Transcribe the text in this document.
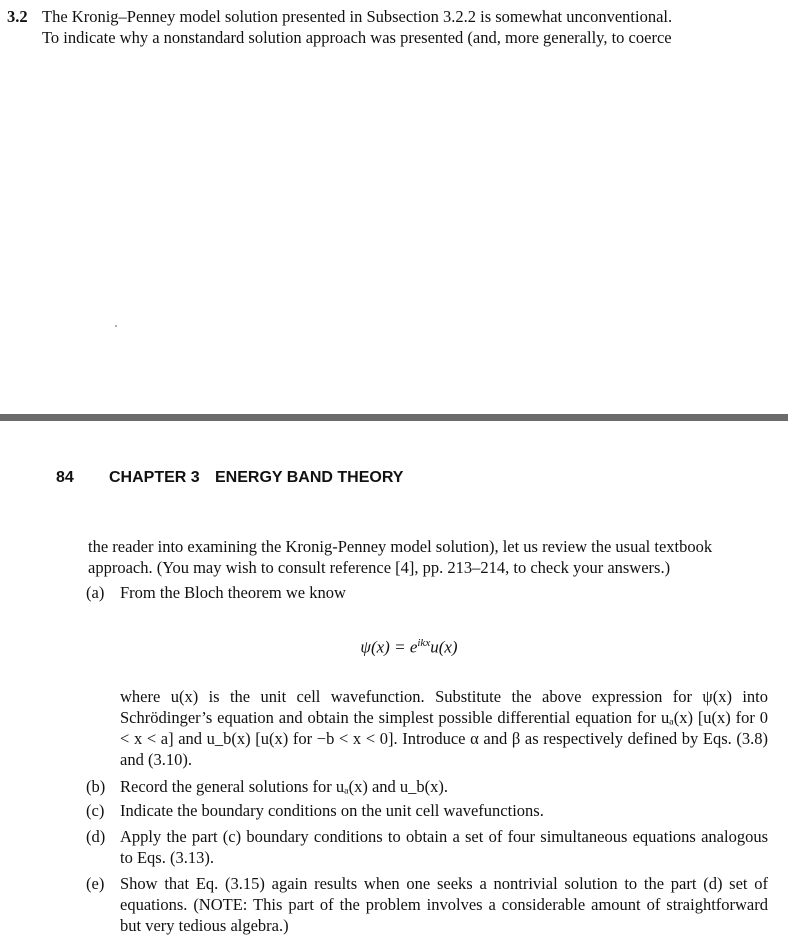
3.2 The Kronig–Penney model solution presented in Subsection 3.2.2 is somewhat unconventional.
To indicate why a nonstandard solution approach was presented (and, more generally, to coerce
84 CHAPTER 3 ENERGY BAND THEORY
the reader into examining the Kronig-Penney model solution), let us review the usual textbook
approach. (You may wish to consult reference [4], pp. 213–214, to check your answers.)
(a) From the Bloch theorem we know
$\psi(x) = e^{ikx}u(x)$
where u(x) is the unit cell wavefunction. Substitute the above expression for ψ(x) into Schrödinger’s equation and obtain the simplest possible differential equation for uₐ(x) [u(x) for 0 < x < a] and u_b(x) [u(x) for −b < x < 0]. Introduce α and β as respectively defined by Eqs. (3.8) and (3.10).
(b) Record the general solutions for uₐ(x) and u_b(x).
(c) Indicate the boundary conditions on the unit cell wavefunctions.
(d) Apply the part (c) boundary conditions to obtain a set of four simultaneous equations analogous to Eqs. (3.13).
(e) Show that Eq. (3.15) again results when one seeks a nontrivial solution to the part (d) set of equations. (NOTE: This part of the problem involves a considerable amount of straightforward but very tedious algebra.)
